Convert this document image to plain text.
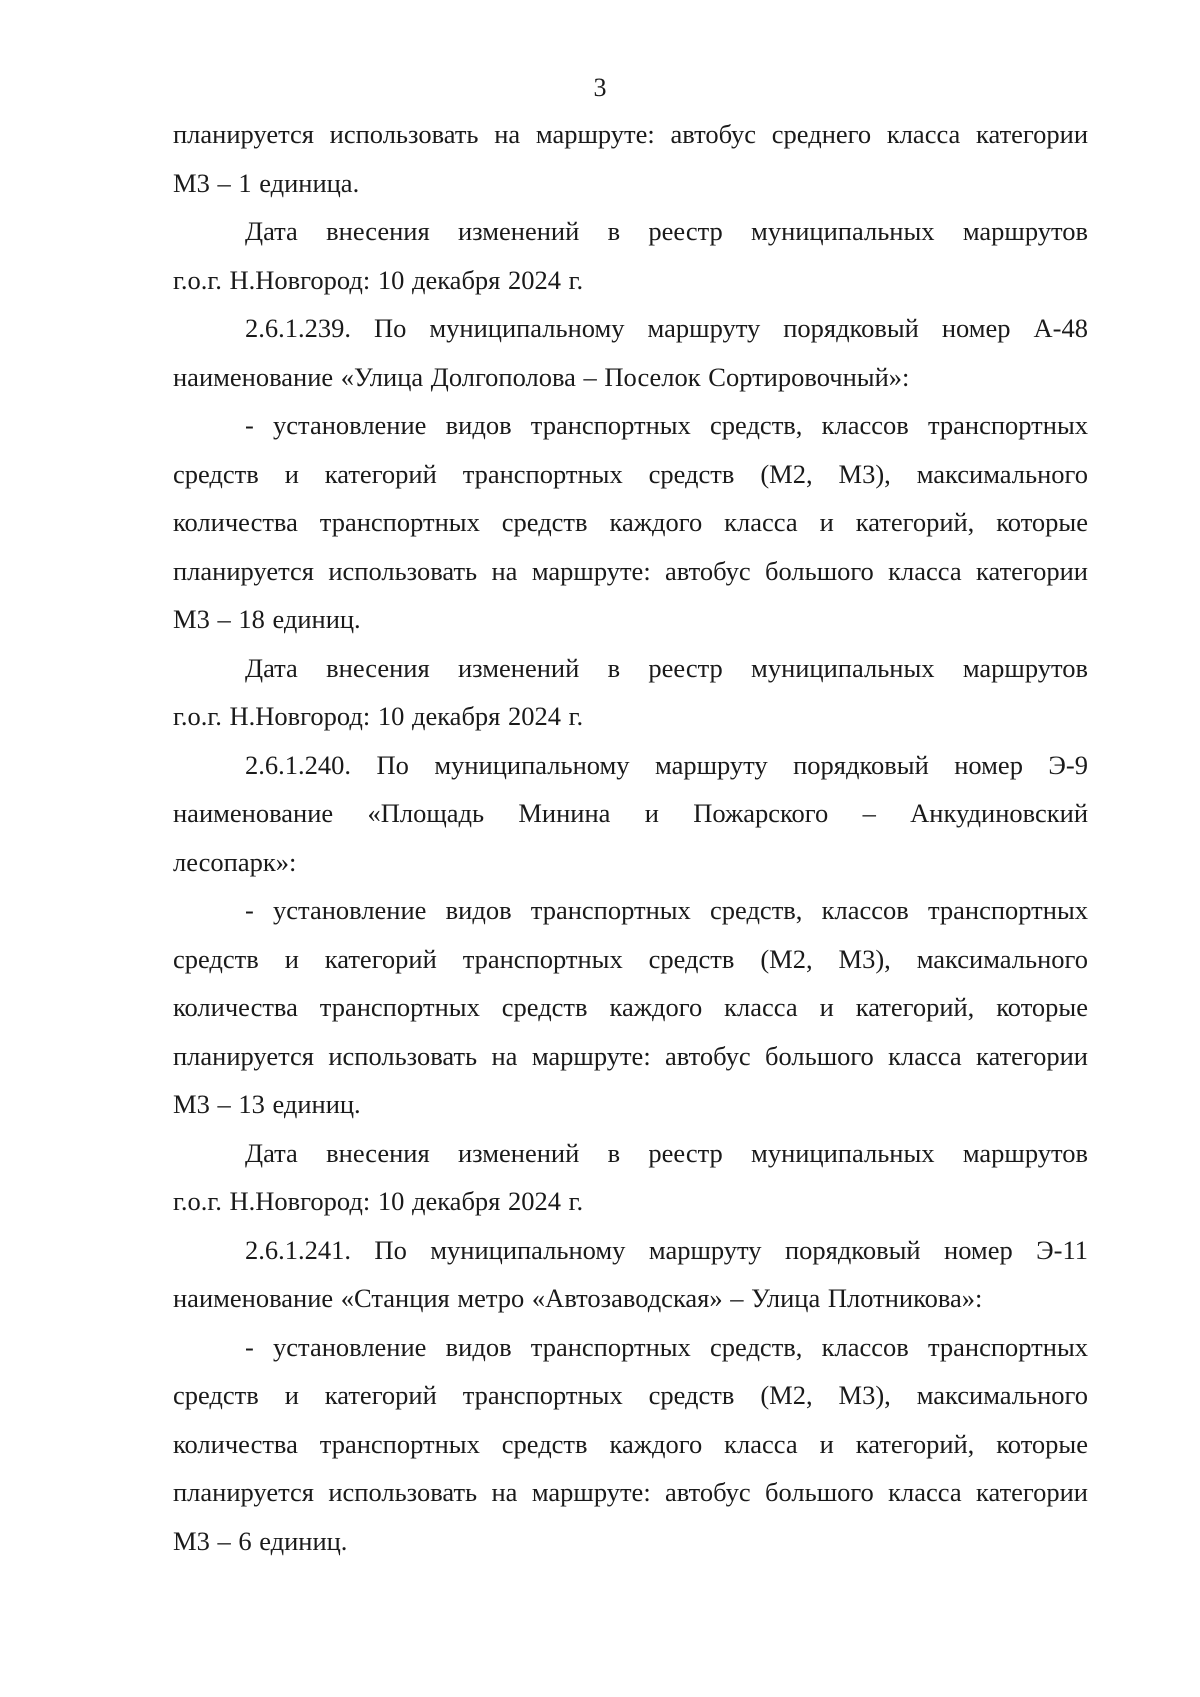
3
планируется использовать на маршруте: автобус среднего класса категории
М3 – 1 единица.
Дата внесения изменений в реестр муниципальных маршрутов
г.о.г. Н.Новгород: 10 декабря 2024 г.
2.6.1.239. По муниципальному маршруту порядковый номер А-48
наименование «Улица Долгополова – Поселок Сортировочный»:
- установление видов транспортных средств, классов транспортных
средств и категорий транспортных средств (М2, М3), максимального
количества транспортных средств каждого класса и категорий, которые
планируется использовать на маршруте: автобус большого класса категории
М3 – 18 единиц.
Дата внесения изменений в реестр муниципальных маршрутов
г.о.г. Н.Новгород: 10 декабря 2024 г.
2.6.1.240. По муниципальному маршруту порядковый номер Э-9
наименование «Площадь Минина и Пожарского – Анкудиновский
лесопарк»:
- установление видов транспортных средств, классов транспортных
средств и категорий транспортных средств (М2, М3), максимального
количества транспортных средств каждого класса и категорий, которые
планируется использовать на маршруте: автобус большого класса категории
М3 – 13 единиц.
Дата внесения изменений в реестр муниципальных маршрутов
г.о.г. Н.Новгород: 10 декабря 2024 г.
2.6.1.241. По муниципальному маршруту порядковый номер Э-11
наименование «Станция метро «Автозаводская» – Улица Плотникова»:
- установление видов транспортных средств, классов транспортных
средств и категорий транспортных средств (М2, М3), максимального
количества транспортных средств каждого класса и категорий, которые
планируется использовать на маршруте: автобус большого класса категории
М3 – 6 единиц.
